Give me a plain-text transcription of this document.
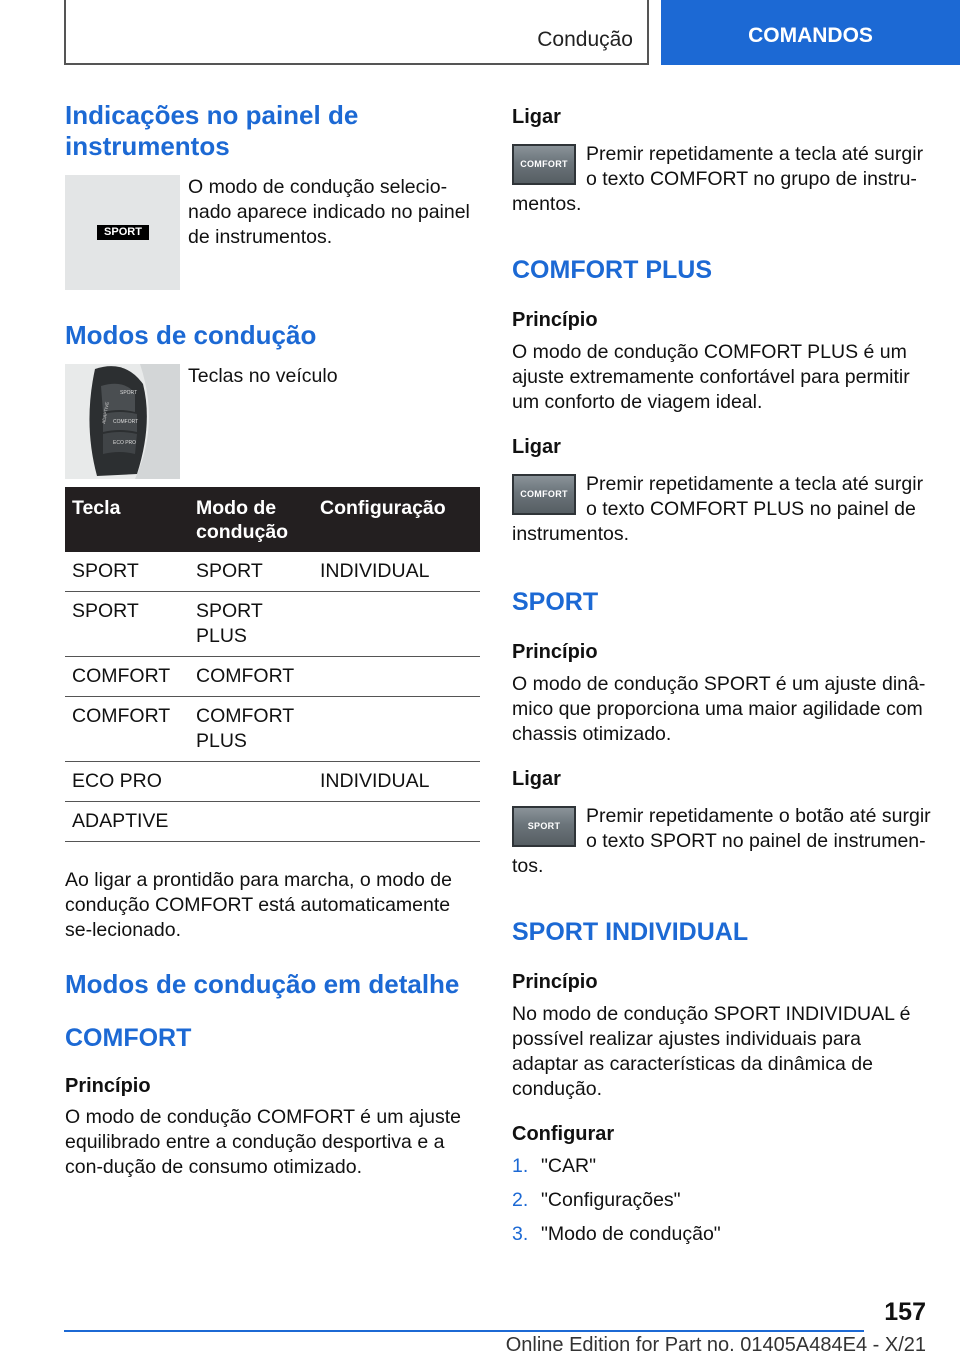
Condução	COMANDOS
Indicações no painel de instrumentos
SPORT
O modo de condução selecio-nado aparece indicado no painel de instrumentos.
Modos de condução
SPORT
COMFORT
ECO PRO
ADAPTIVE
Teclas no veículo
Tecla	Modo de condução	Configuração
SPORT	SPORT	INDIVIDUAL
SPORT	SPORT PLUS	
COMFORT	COMFORT	
COMFORT	COMFORT PLUS	
ECO PRO		INDIVIDUAL
ADAPTIVE		
Ao ligar a prontidão para marcha, o modo de condução COMFORT está automaticamente se-lecionado.
Modos de condução em detalhe
COMFORT
Princípio
O modo de condução COMFORT é um ajuste equilibrado entre a condução desportiva e a con-dução de consumo otimizado.
Ligar
COMFORT Premir repetidamente a tecla até surgir o texto COMFORT no grupo de instru-mentos.
COMFORT PLUS
Princípio
O modo de condução COMFORT PLUS é um ajuste extremamente confortável para permitir um conforto de viagem ideal.
Ligar
COMFORT Premir repetidamente a tecla até surgir o texto COMFORT PLUS no painel de instrumentos.
SPORT
Princípio
O modo de condução SPORT é um ajuste dinâ-mico que proporciona uma maior agilidade com chassis otimizado.
Ligar
SPORT Premir repetidamente o botão até surgir o texto SPORT no painel de instrumen-tos.
SPORT INDIVIDUAL
Princípio
No modo de condução SPORT INDIVIDUAL é possível realizar ajustes individuais para adaptar as características da dinâmica de condução.
Configurar
1. "CAR"
2. "Configurações"
3. "Modo de condução"
157
Online Edition for Part no. 01405A484E4 - X/21
